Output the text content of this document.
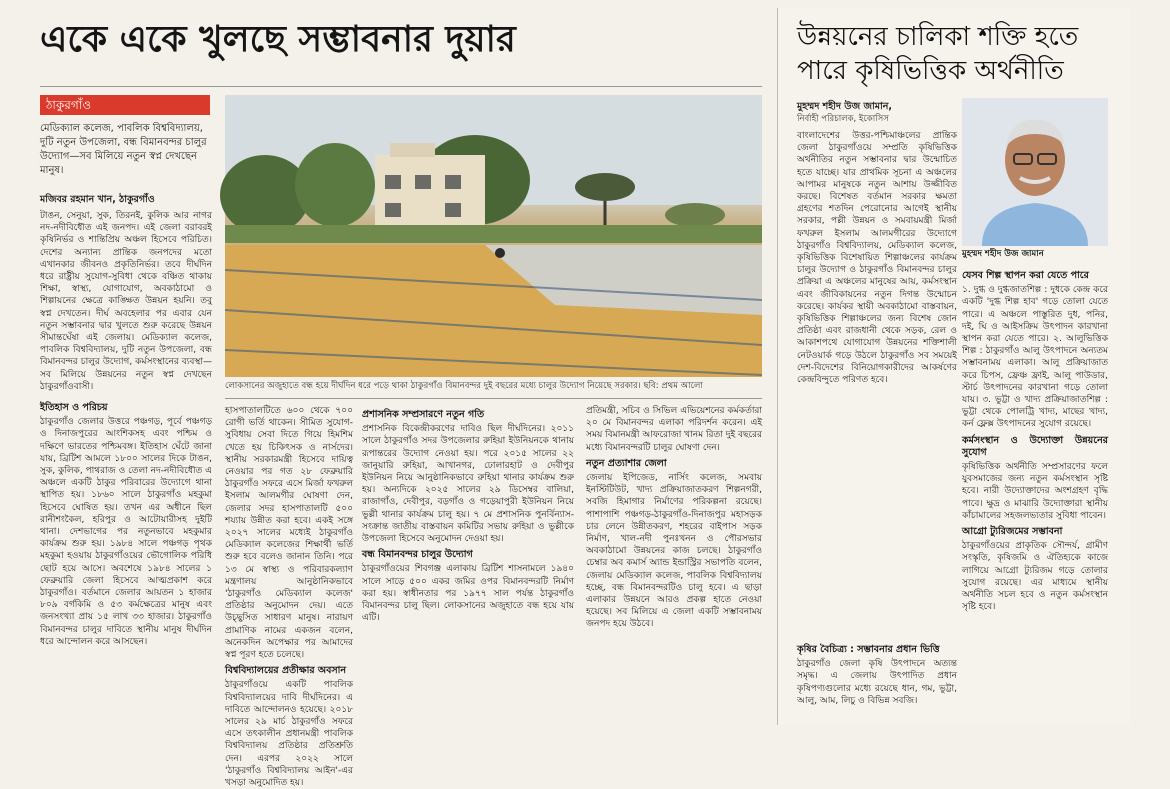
একে একে খুলছে সম্ভাবনার দুয়ার
ঠাকুরগাঁও
মেডিক্যাল কলেজ, পাবলিক বিশ্ববিদ্যালয়, দুটি নতুন উপজেলা, বন্ধ বিমানবন্দর চালুর উদ্যোগ—সব মিলিয়ে নতুন স্বপ্ন দেখছেন মানুষ।
মজিবর রহমান খান, ঠাকুরগাঁও
টাঙন, সেনুয়া, সুক, তিরনই, কুলিক আর নাগর নদ-নদীবিধৌত এই জনপদ। এই জেলা বরাবরই কৃষিনির্ভর ও শান্তিপ্রিয় অঞ্চল হিসেবে পরিচিত। দেশের অন্যান্য প্রান্তিক জনপদের মতো এখানকার জীবনও প্রকৃতিনির্ভর। তবে দীর্ঘদিন ধরে রাষ্ট্রীয় সুযোগ-সুবিধা থেকে বঞ্চিত থাকায় শিক্ষা, স্বাস্থ্য, যোগাযোগ, অবকাঠামো ও শিল্পায়নের ক্ষেত্রে কাঙ্ক্ষিত উন্নয়ন হয়নি। তবু স্বপ্ন দেখতেন। দীর্ঘ অবহেলার পর এবার যেন নতুন সম্ভাবনার দ্বার খুলতে শুরু করেছে উন্নয়ন সীমান্তঘেঁষা এই জেলায়। মেডিক্যাল কলেজ, পাবলিক বিশ্ববিদ্যালয়, দুটি নতুন উপজেলা, বন্ধ বিমানবন্দর চালুর উদ্যোগ, কর্মসংস্থানের ব্যবস্থা—সব মিলিয়ে উন্নয়নের নতুন স্বপ্ন দেখছেন ঠাকুরগাঁওবাসী।
ইতিহাস ও পরিচয়
ঠাকুরগাঁও জেলার উত্তরে পঞ্চগড়, পূর্বে পঞ্চগড় ও দিনাজপুরের আংশিকসহ এবং পশ্চিম ও দক্ষিণে ভারতের পশ্চিমবঙ্গ। ইতিহাস ঘেঁটে জানা যায়, ব্রিটিশ আমলে ১৮০০ সালের দিকে টাঙন, সুক, কুলিক, পাথরাজ ও তেলা নদ-নদীবিধৌত এ অঞ্চলে একটি ঠাকুর পরিবারের উদ্যোগে থানা স্থাপিত হয়। ১৮৬০ সালে ঠাকুরগাঁও মহকুমা হিসেবে ঘোষিত হয়। তখন এর অধীনে ছিল রানীশংকৈল, হরিপুর ও আটোয়ারীসহ দুইটি থানা। দেশভাগের পর নতুনভাবে মহকুমার কার্যক্রম শুরু হয়। ১৯৮৪ সালে পঞ্চগড় পৃথক মহকুমা হওয়ায় ঠাকুরগাঁওয়ের ভৌগোলিক পরিধি ছোট হয়ে আসে। অবশেষে ১৯৮৪ সালের ১ ফেব্রুয়ারি জেলা হিসেবে আত্মপ্রকাশ করে ঠাকুরগাঁও। বর্তমানে জেলার আয়তন ১ হাজার ৮০৯ বর্গকিমি ও ৫৩ কর্মক্ষেত্রের মানুষ এবং জনসংখ্যা প্রায় ১৫ লাখ ৩৩ হাজার। ঠাকুরগাঁও বিমানবন্দর চালুর দাবিতে স্থানীয় মানুষ দীর্ঘদিন ধরে আন্দোলন করে আসছেন।
লোকসানের অজুহাতে বন্ধ হয়ে দীর্ঘদিন ধরে পড়ে থাকা ঠাকুরগাঁও বিমানবন্দর দুই বছরের মধ্যে চালুর উদ্যোগ নিয়েছে সরকার। ছবি: প্রথম আলো
হাসপাতালটিতে ৬০০ থেকে ৭০০ রোগী ভর্তি থাকেন। সীমিত সুযোগ-সুবিধায় সেবা দিতে গিয়ে হিমশিম খেতে হয় চিকিৎসক ও নার্সদের। স্থানীয় সরকারমন্ত্রী হিসেবে দায়িত্ব নেওয়ার পর গত ২৮ ফেব্রুয়ারি ঠাকুরগাঁও সফরে এসে মির্জা ফখরুল ইসলাম আলমগীর ঘোষণা দেন, জেলার সদর হাসপাতালটি ৫০০ শয্যায় উন্নীত করা হবে। একই সঙ্গে ২০২৭ সালের মধ্যেই ঠাকুরগাঁও মেডিক্যাল কলেজের শিক্ষার্থী ভর্তি শুরু হবে বলেও জানান তিনি। পরে ১৩ মে স্বাস্থ্য ও পরিবারকল্যাণ মন্ত্রণালয় আনুষ্ঠানিকভাবে 'ঠাকুরগাঁও মেডিক্যাল কলেজ' প্রতিষ্ঠার অনুমোদন দেয়। এতে উচ্ছ্বসিত সাধারণ মানুষ। নারায়ণ প্রামাণিক নামের একজন বলেন, অনেকদিন অপেক্ষার পর আমাদের স্বপ্ন পূরণ হতে চলেছে।
বিশ্ববিদ্যালয়ের প্রতীক্ষার অবসান
ঠাকুরগাঁওয়ে একটি পাবলিক বিশ্ববিদ্যালয়ের দাবি দীর্ঘদিনের। এ দাবিতে আন্দোলনও হয়েছে। ২০১৮ সালের ২৯ মার্চ ঠাকুরগাঁও সফরে এসে তৎকালীন প্রধানমন্ত্রী পাবলিক বিশ্ববিদ্যালয় প্রতিষ্ঠার প্রতিশ্রুতি দেন। এরপর ২০২২ সালে 'ঠাকুরগাঁও বিশ্ববিদ্যালয় আইন'-এর খসড়া অনুমোদিত হয়।
প্রশাসনিক সম্প্রসারণে নতুন গতি
প্রশাসনিক বিকেন্দ্রীকরণের দাবিও ছিল দীর্ঘদিনের। ২০১১ সালে ঠাকুরগাঁও সদর উপজেলার রুহিয়া ইউনিয়নকে থানায় রূপান্তরের উদ্যোগ নেওয়া হয়। পরে ২০১৫ সালের ২২ জানুয়ারি রুহিয়া, আখানগর, ঢোলারহাট ও দেবীপুর ইউনিয়ন নিয়ে আনুষ্ঠানিকভাবে রুহিয়া থানার কার্যক্রম শুরু হয়। অন্যদিকে ২০২৫ সালের ২৯ ডিসেম্বর বালিয়া, রাজাগাঁও, দেবীপুর, বড়গাঁও ও গড়েয়াপুরী ইউনিয়ন নিয়ে ভুল্লী থানার কার্যক্রম চালু হয়। ৭ মে প্রশাসনিক পুনর্বিন্যাস-সংক্রান্ত জাতীয় বাস্তবায়ন কমিটির সভায় রুহিয়া ও ভুল্লীকে উপজেলা হিসেবে অনুমোদন দেওয়া হয়।
বন্ধ বিমানবন্দর চালুর উদ্যোগ
ঠাকুরগাঁওয়ের শিবগঞ্জ এলাকায় ব্রিটিশ শাসনামলে ১৯৪০ সালে সাড়ে ৫০০ একর জমির ওপর বিমানবন্দরটি নির্মাণ করা হয়। স্বাধীনতার পর ১৯৭৭ সাল পর্যন্ত ঠাকুরগাঁও বিমানবন্দর চালু ছিল। লোকসানের অজুহাতে বন্ধ হয়ে যায় এটি।
প্রতিমন্ত্রী, সচিব ও সিভিল এভিয়েশনের কর্মকর্তারা ২০ মে বিমানবন্দর এলাকা পরিদর্শন করেন। এই সময় বিমানমন্ত্রী আফরোজা খানম রিতা দুই বছরের মধ্যে বিমানবন্দরটি চালুর ঘোষণা দেন।
নতুন প্রত্যাশার জেলা
জেলায় ইপিজেড, নার্সিং কলেজ, সমবায় ইনস্টিটিউট, খাদ্য প্রক্রিয়াজাতকরণ শিল্পনগরী, সবজি হিমাগার নির্মাণের পরিকল্পনা রয়েছে। পাশাপাশি পঞ্চগড়-ঠাকুরগাঁও-দিনাজপুর মহাসড়ক চার লেনে উন্নীতকরণ, শহরের বাইপাস সড়ক নির্মাণ, খাল-নদী পুনঃখনন ও পৌরসভার অবকাঠামো উন্নয়নের কাজ চলছে। ঠাকুরগাঁও চেম্বার অব কমার্স অ্যান্ড ইন্ডাস্ট্রির সভাপতি বলেন, জেলায় মেডিক্যাল কলেজ, পাবলিক বিশ্ববিদ্যালয় হচ্ছে, বন্ধ বিমানবন্দরটিও চালু হবে। এ ছাড়া এলাকার উন্নয়নে আরও প্রকল্প হাতে নেওয়া হয়েছে। সব মিলিয়ে এ জেলা একটি সম্ভাবনাময় জনপদ হয়ে উঠবে।
উন্নয়নের চালিকা শক্তি হতে পারে কৃষিভিত্তিক অর্থনীতি
মুহম্মদ শহীদ উজ জামান,
নির্বাহী পরিচালক, ইকোসিস
মুহম্মদ শহীদ উজ জামান
বাংলাদেশের উত্তর-পশ্চিমাঞ্চলের প্রান্তিক জেলা ঠাকুরগাঁওয়ে সম্প্রতি কৃষিভিত্তিক অর্থনীতির নতুন সম্ভাবনার দ্বার উন্মোচিত হতে যাচ্ছে। যার প্রাথমিক সূচনা এ অঞ্চলের আপামর মানুষকে নতুন আশায় উজ্জীবিত করছে। বিশেষত বর্তমান সরকার ক্ষমতা গ্রহণের শতদিন পেরোনোর আগেই স্থানীয় সরকার, পল্লী উন্নয়ন ও সমবায়মন্ত্রী মির্জা ফখরুল ইসলাম আলমগীরের উদ্যোগে ঠাকুরগাঁও বিশ্ববিদ্যালয়, মেডিক্যাল কলেজ, কৃষিভিত্তিক বিশেষায়িত শিল্পাঞ্চলের কার্যক্রম চালুর উদ্যোগ ও ঠাকুরগাঁও বিমানবন্দর চালুর প্রক্রিয়া এ অঞ্চলের মানুষের আয়, কর্মসংস্থান এবং জীবিকায়নের নতুন দিগন্ত উন্মোচন করেছে। কার্যকর স্থায়ী অবকাঠামো বাস্তবায়ন, কৃষিভিত্তিক শিল্পাঞ্চলের জন্য বিশেষ জোন প্রতিষ্ঠা এবং রাজধানী থেকে সড়ক, রেল ও আকাশপথে যোগাযোগ উন্নয়নের শক্তিশালী নেটওয়ার্ক গড়ে উঠলে ঠাকুরগাঁও সব সময়েই দেশ-বিদেশের বিনিয়োগকারীদের আকর্ষণের কেন্দ্রবিন্দুতে পরিণত হবে।
কৃষির বৈচিত্র্য : সম্ভাবনার প্রধান ভিত্তি
ঠাকুরগাঁও জেলা কৃষি উৎপাদনে অত্যন্ত সমৃদ্ধ। এ জেলায় উৎপাদিত প্রধান কৃষিপণ্যগুলোর মধ্যে রয়েছে ধান, গম, ভুট্টা, আলু, আম, লিচু ও বিভিন্ন সবজি।
যেসব শিল্প স্থাপন করা যেতে পারে
১. দুগ্ধ ও দুগ্ধজাতশিল্প : দুধকে কেন্দ্র করে একটি 'দুগ্ধ শিল্প হাব' গড়ে তোলা যেতে পারে। এ অঞ্চলে পাস্তুরিত দুধ, পনির, দই, ঘি ও আইসক্রিম উৎপাদন কারখানা স্থাপন করা যেতে পারে। ২. আলুভিত্তিক শিল্প : ঠাকুরগাঁও আলু উৎপাদনে অন্যতম সম্ভাবনাময় এলাকা। আলু প্রক্রিয়াজাত করে চিপস, ফ্রেঞ্চ ফ্রাই, আলু পাউডার, স্টার্চ উৎপাদনের কারখানা গড়ে তোলা যায়। ৩. ভুট্টা ও খাদ্য প্রক্রিয়াজাতশিল্প : ভুট্টা থেকে পোলট্রি খাদ্য, মাছের খাদ্য, কর্ন ফ্লেক্স উৎপাদনের সুযোগ রয়েছে।
কর্মসংস্থান ও উদ্যোক্তা উন্নয়নের সুযোগ
কৃষিভিত্তিক অর্থনীতি সম্প্রসারণের ফলে যুবসমাজের জন্য নতুন কর্মসংস্থান সৃষ্টি হবে। নারী উদ্যোক্তাদের অংশগ্রহণ বৃদ্ধি পাবে। ক্ষুদ্র ও মাঝারি উদ্যোক্তারা স্থানীয় কাঁচামালের সহজলভ্যতার সুবিধা পাবেন।
আগ্রো ট্যুরিজমের সম্ভাবনা
ঠাকুরগাঁওয়ের প্রাকৃতিক সৌন্দর্য, গ্রামীণ সংস্কৃতি, কৃষিজমি ও ঐতিহ্যকে কাজে লাগিয়ে আগ্রো ট্যুরিজম গড়ে তোলার সুযোগ রয়েছে। এর মাধ্যমে স্থানীয় অর্থনীতি সচল হবে ও নতুন কর্মসংস্থান সৃষ্টি হবে।
